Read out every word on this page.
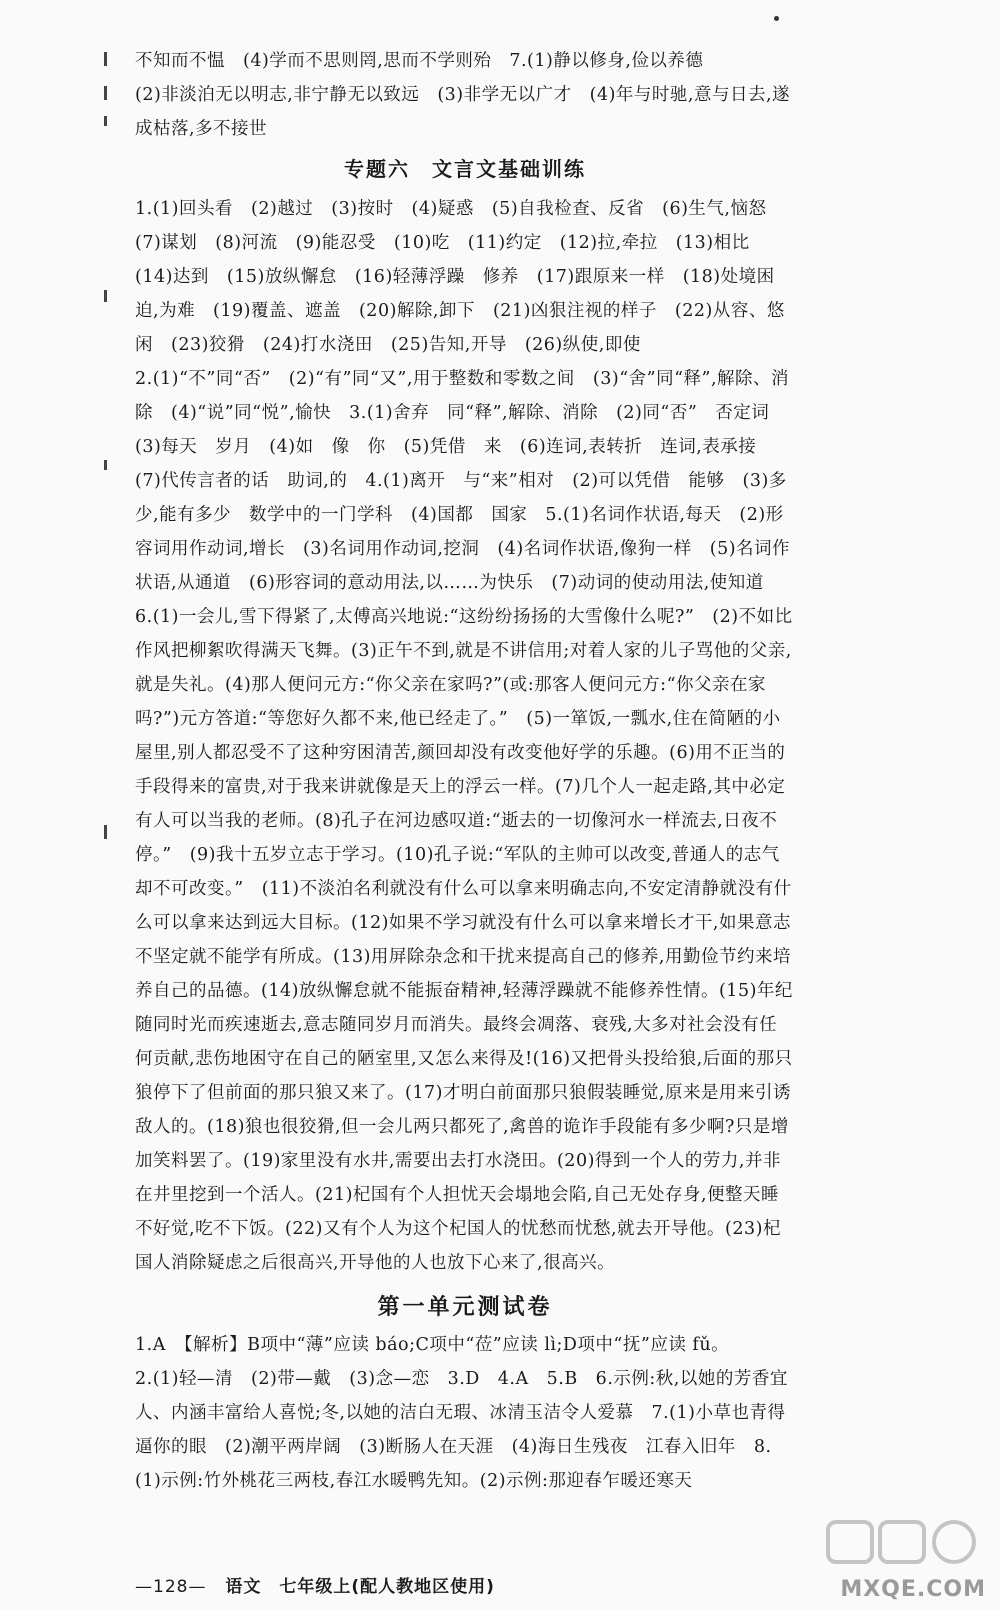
不知而不愠　(4)学而不思则罔,思而不学则殆　7.(1)静以修身,俭以养德

(2)非淡泊无以明志,非宁静无以致远　(3)非学无以广才　(4)年与时驰,意与日去,遂成枯落,多不接世

专题六　文言文基础训练

1.(1)回头看　(2)越过　(3)按时　(4)疑惑　(5)自我检查、反省　(6)生气,恼怒　(7)谋划　(8)河流　(9)能忍受　(10)吃　(11)约定　(12)拉,牵拉　(13)相比　(14)达到　(15)放纵懈怠　(16)轻薄浮躁　修养　(17)跟原来一样　(18)处境困迫,为难　(19)覆盖、遮盖　(20)解除,卸下　(21)凶狠注视的样子　(22)从容、悠闲　(23)狡猾　(24)打水浇田　(25)告知,开导　(26)纵使,即使

2.(1)“不”同“否”　(2)“有”同“又”,用于整数和零数之间　(3)“舍”同“释”,解除、消除　(4)“说”同“悦”,愉快　3.(1)舍弃　同“释”,解除、消除　(2)同“否”　否定词　(3)每天　岁月　(4)如　像　你　(5)凭借　来　(6)连词,表转折　连词,表承接　(7)代传言者的话　助词,的　4.(1)离开　与“来”相对　(2)可以凭借　能够　(3)多少,能有多少　数学中的一门学科　(4)国都　国家　5.(1)名词作状语,每天　(2)形容词用作动词,增长　(3)名词用作动词,挖洞　(4)名词作状语,像狗一样　(5)名词作状语,从通道　(6)形容词的意动用法,以……为快乐　(7)动词的使动用法,使知道　6.(1)一会儿,雪下得紧了,太傅高兴地说:“这纷纷扬扬的大雪像什么呢?”　(2)不如比作风把柳絮吹得满天飞舞。(3)正午不到,就是不讲信用;对着人家的儿子骂他的父亲,就是失礼。(4)那人便问元方:“你父亲在家吗?”(或:那客人便问元方:“你父亲在家吗?”)元方答道:“等您好久都不来,他已经走了。”　(5)一箪饭,一瓢水,住在简陋的小屋里,别人都忍受不了这种穷困清苦,颜回却没有改变他好学的乐趣。(6)用不正当的手段得来的富贵,对于我来讲就像是天上的浮云一样。(7)几个人一起走路,其中必定有人可以当我的老师。(8)孔子在河边感叹道:“逝去的一切像河水一样流去,日夜不停。”　(9)我十五岁立志于学习。(10)孔子说:“军队的主帅可以改变,普通人的志气却不可改变。”　(11)不淡泊名利就没有什么可以拿来明确志向,不安定清静就没有什么可以拿来达到远大目标。(12)如果不学习就没有什么可以拿来增长才干,如果意志不坚定就不能学有所成。(13)用屏除杂念和干扰来提高自己的修养,用勤俭节约来培养自己的品德。(14)放纵懈怠就不能振奋精神,轻薄浮躁就不能修养性情。(15)年纪随同时光而疾速逝去,意志随同岁月而消失。最终会凋落、衰残,大多对社会没有任何贡献,悲伤地困守在自己的陋室里,又怎么来得及!(16)又把骨头投给狼,后面的那只狼停下了但前面的那只狼又来了。(17)才明白前面那只狼假装睡觉,原来是用来引诱敌人的。(18)狼也很狡猾,但一会儿两只都死了,禽兽的诡诈手段能有多少啊?只是增加笑料罢了。(19)家里没有水井,需要出去打水浇田。(20)得到一个人的劳力,并非在井里挖到一个活人。(21)杞国有个人担忧天会塌地会陷,自己无处存身,便整天睡不好觉,吃不下饭。(22)又有个人为这个杞国人的忧愁而忧愁,就去开导他。(23)杞国人消除疑虑之后很高兴,开导他的人也放下心来了,很高兴。

第一单元测试卷

1.A　【解析】B项中“薄”应读 báo;C项中“莅”应读 lì;D项中“抚”应读 fǔ。

2.(1)轻—清　(2)带—戴　(3)念—恋　3.D　4.A　5.B　6.示例:秋,以她的芳香宜人、内涵丰富给人喜悦;冬,以她的洁白无瑕、冰清玉洁令人爱慕　7.(1)小草也青得逼你的眼　(2)潮平两岸阔　(3)断肠人在天涯　(4)海日生残夜　江春入旧年　8.(1)示例:竹外桃花三两枝,春江水暖鸭先知。(2)示例:那迎春乍暖还寒天

—128— 语文　七年级上(配人教地区使用)	MXQE.COM
